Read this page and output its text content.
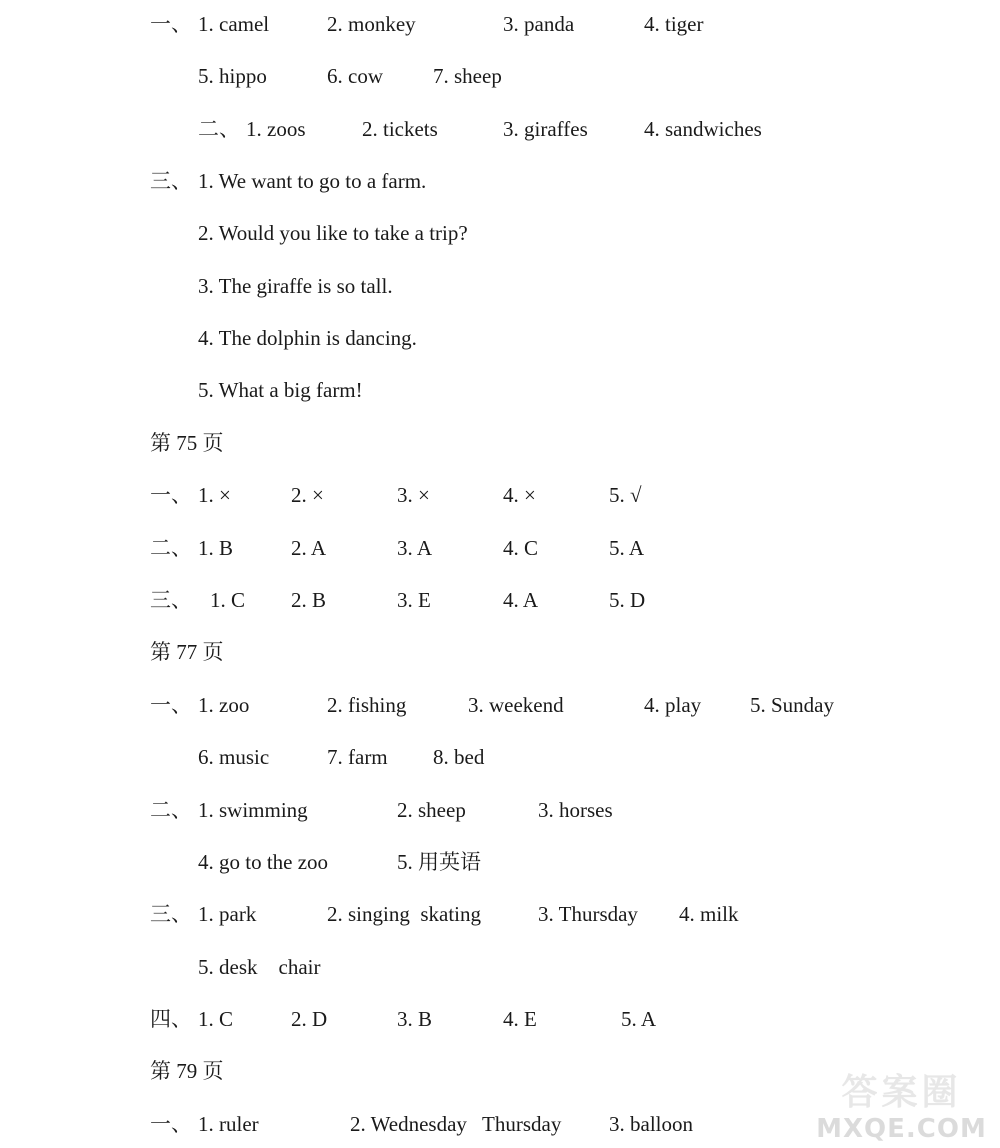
一、 1. camel	2. monkey	3. panda	4. tiger
5. hippo	6. cow 7. sheep
二、 1. zoos	2. tickets	3. giraffes	4. sandwiches
三、 1. We want to go to a farm.
2. Would you like to take a trip?
3. The giraffe is so tall.
4. The dolphin is dancing.
5. What a big farm!
第 75 页
一、 1. ×	2. ×	3. ×	4. ×	5. √
二、 1. B	2. A	3. A	4. C	5. A
三、 1. C 2. B	3. E	4. A	5. D
第 77 页
一、 1. zoo	2. fishing	3. weekend	4. play 5. Sunday
6. music	7. farm 8. bed
二、 1. swimming	2. sheep	3. horses
4. go to the zoo	5. 用英语
三、 1. park	2. singing  skating	3. Thursday 4. milk
5. desk    chair
四、 1. C	2. D	3. B	4. E	5. A
第 79 页
一、 1. ruler	2. Wednesday Thursday 3. balloon
答案圈
MXQE.COM
